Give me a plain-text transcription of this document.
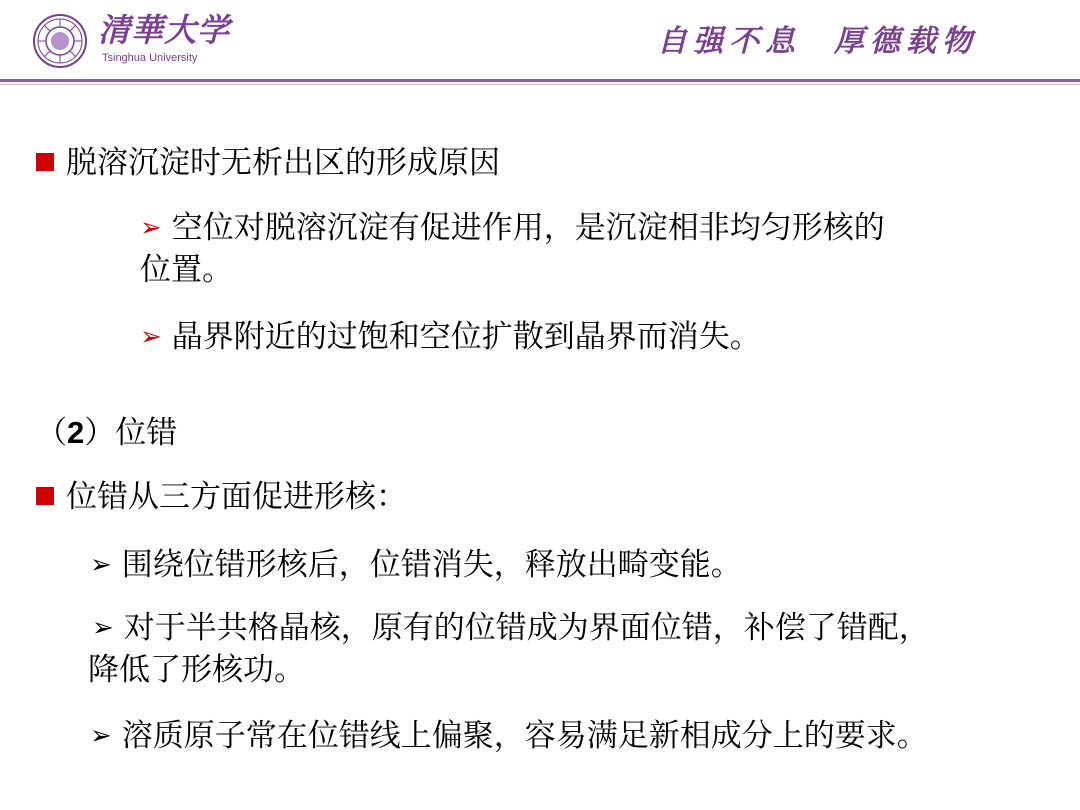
清華大学
Tsinghua University	自强不息  厚德载物
脱溶沉淀时无析出区的形成原因
➢ 空位对脱溶沉淀有促进作用，是沉淀相非均匀形核的
位置。
➢ 晶界附近的过饱和空位扩散到晶界而消失。
（2）位错
位错从三方面促进形核：
➢ 围绕位错形核后，位错消失，释放出畸变能。
➢ 对于半共格晶核，原有的位错成为界面位错，补偿了错配，
降低了形核功。
➢ 溶质原子常在位错线上偏聚，容易满足新相成分上的要求。
